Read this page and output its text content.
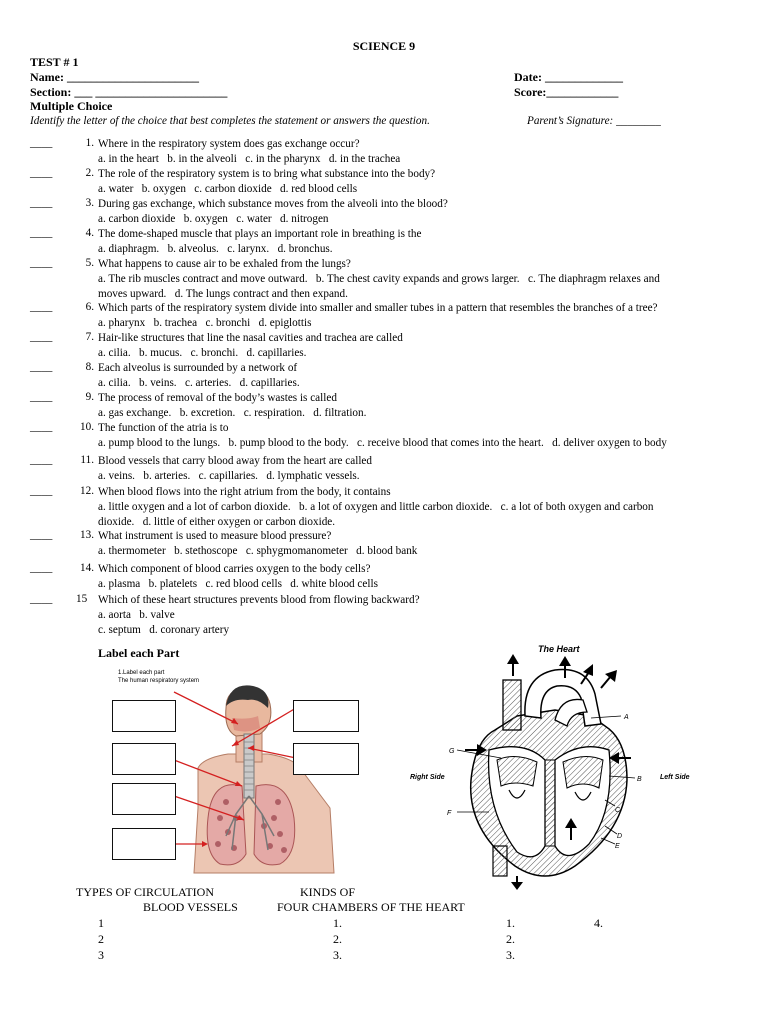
SCIENCE 9
TEST # 1
Name: ______________________	Date: _____________
Section: ___ ______________________	Score:____________
Multiple Choice
Identify the letter of the choice that best completes the statement or answers the question.	Parent’s Signature: ________
____	1. Where in the respiratory system does gas exchange occur?
a. in the heart   b. in the alveoli   c. in the pharynx   d. in the trachea
____	2. The role of the respiratory system is to bring what substance into the body?
a. water   b. oxygen   c. carbon dioxide   d. red blood cells
____	3. During gas exchange, which substance moves from the alveoli into the blood?
a. carbon dioxide   b. oxygen   c. water   d. nitrogen
____	4. The dome-shaped muscle that plays an important role in breathing is the
a. diaphragm.   b. alveolus.   c. larynx.   d. bronchus.
____	5. What happens to cause air to be exhaled from the lungs?
a. The rib muscles contract and move outward.   b. The chest cavity expands and grows larger.   c. The diaphragm relaxes and
moves upward.   d. The lungs contract and then expand.
____	6. Which parts of the respiratory system divide into smaller and smaller tubes in a pattern that resembles the branches of a tree?
a. pharynx   b. trachea   c. bronchi   d. epiglottis
____	7. Hair-like structures that line the nasal cavities and trachea are called
a. cilia.   b. mucus.   c. bronchi.   d. capillaries.
____	8. Each alveolus is surrounded by a network of
a. cilia.   b. veins.   c. arteries.   d. capillaries.
____	9. The process of removal of the body’s wastes is called
a. gas exchange.   b. excretion.   c. respiration.   d. filtration.
____	10. The function of the atria is to
a. pump blood to the lungs.   b. pump blood to the body.   c. receive blood that comes into the heart.   d. deliver oxygen to body
____	11. Blood vessels that carry blood away from the heart are called
a. veins.   b. arteries.   c. capillaries.   d. lymphatic vessels.
____	12. When blood flows into the right atrium from the body, it contains
a. little oxygen and a lot of carbon dioxide.   b. a lot of oxygen and little carbon dioxide.   c. a lot of both oxygen and carbon
dioxide.   d. little of either oxygen or carbon dioxide.
____	13. What instrument is used to measure blood pressure?
a. thermometer   b. stethoscope   c. sphygmomanometer   d. blood bank
____	14. Which component of blood carries oxygen to the body cells?
a. plasma   b. platelets   c. red blood cells   d. white blood cells
____ 15 Which of these heart structures prevents blood from flowing backward?
a. aorta   b. valve
c. septum   d. coronary artery
Label each Part
1.Label each part
The human respiratory system
The Heart
Right Side	Left Side
A
B
C
D
E
F
G
TYPES OF CIRCULATION	KINDS OF
BLOOD VESSELS	FOUR CHAMBERS OF THE HEART
1
2
3
1.
2.
3.
1.
2.
3.
4.
